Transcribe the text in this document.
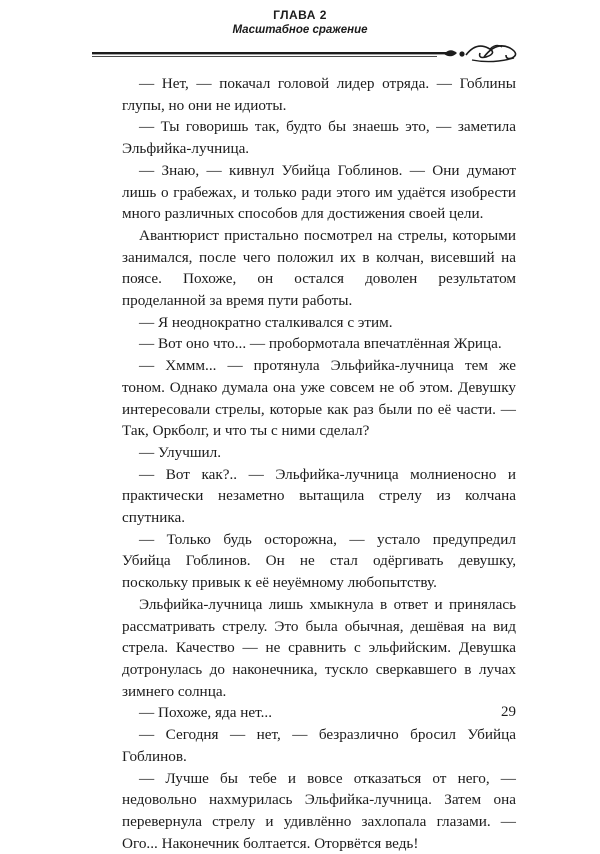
ГЛАВА 2
Масштабное сражение

— Нет, — покачал головой лидер отряда. — Гоблины глупы, но они не идиоты.

— Ты говоришь так, будто бы знаешь это, — заметила Эльфийка-лучница.

— Знаю, — кивнул Убийца Гоблинов. — Они думают лишь о грабежах, и только ради этого им удаётся изобрести много различных способов для достижения своей цели.

Авантюрист пристально посмотрел на стрелы, которыми занимался, после чего положил их в колчан, висевший на поясе. Похоже, он остался доволен результатом проделанной за время пути работы.

— Я неоднократно сталкивался с этим.

— Вот оно что... — пробормотала впечатлённая Жрица.

— Хммм... — протянула Эльфийка-лучница тем же тоном. Однако думала она уже совсем не об этом. Девушку интересовали стрелы, которые как раз были по её части. — Так, Оркболг, и что ты с ними сделал?

— Улучшил.

— Вот как?.. — Эльфийка-лучница молниеносно и практически незаметно вытащила стрелу из колчана спутника.

— Только будь осторожна, — устало предупредил Убийца Гоблинов. Он не стал одёргивать девушку, поскольку привык к её неуёмному любопытству.

Эльфийка-лучница лишь хмыкнула в ответ и принялась рассматривать стрелу. Это была обычная, дешёвая на вид стрела. Качество — не сравнить с эльфийским. Девушка дотронулась до наконечника, тускло сверкавшего в лучах зимнего солнца.

— Похоже, яда нет...

— Сегодня — нет, — безразлично бросил Убийца Гоблинов.

— Лучше бы тебе и вовсе отказаться от него, — недовольно нахмурилась Эльфийка-лучница. Затем она перевернула стрелу и удивлённо захлопала глазами. — Ого... Наконечник болтается. Оторвётся ведь!

29
